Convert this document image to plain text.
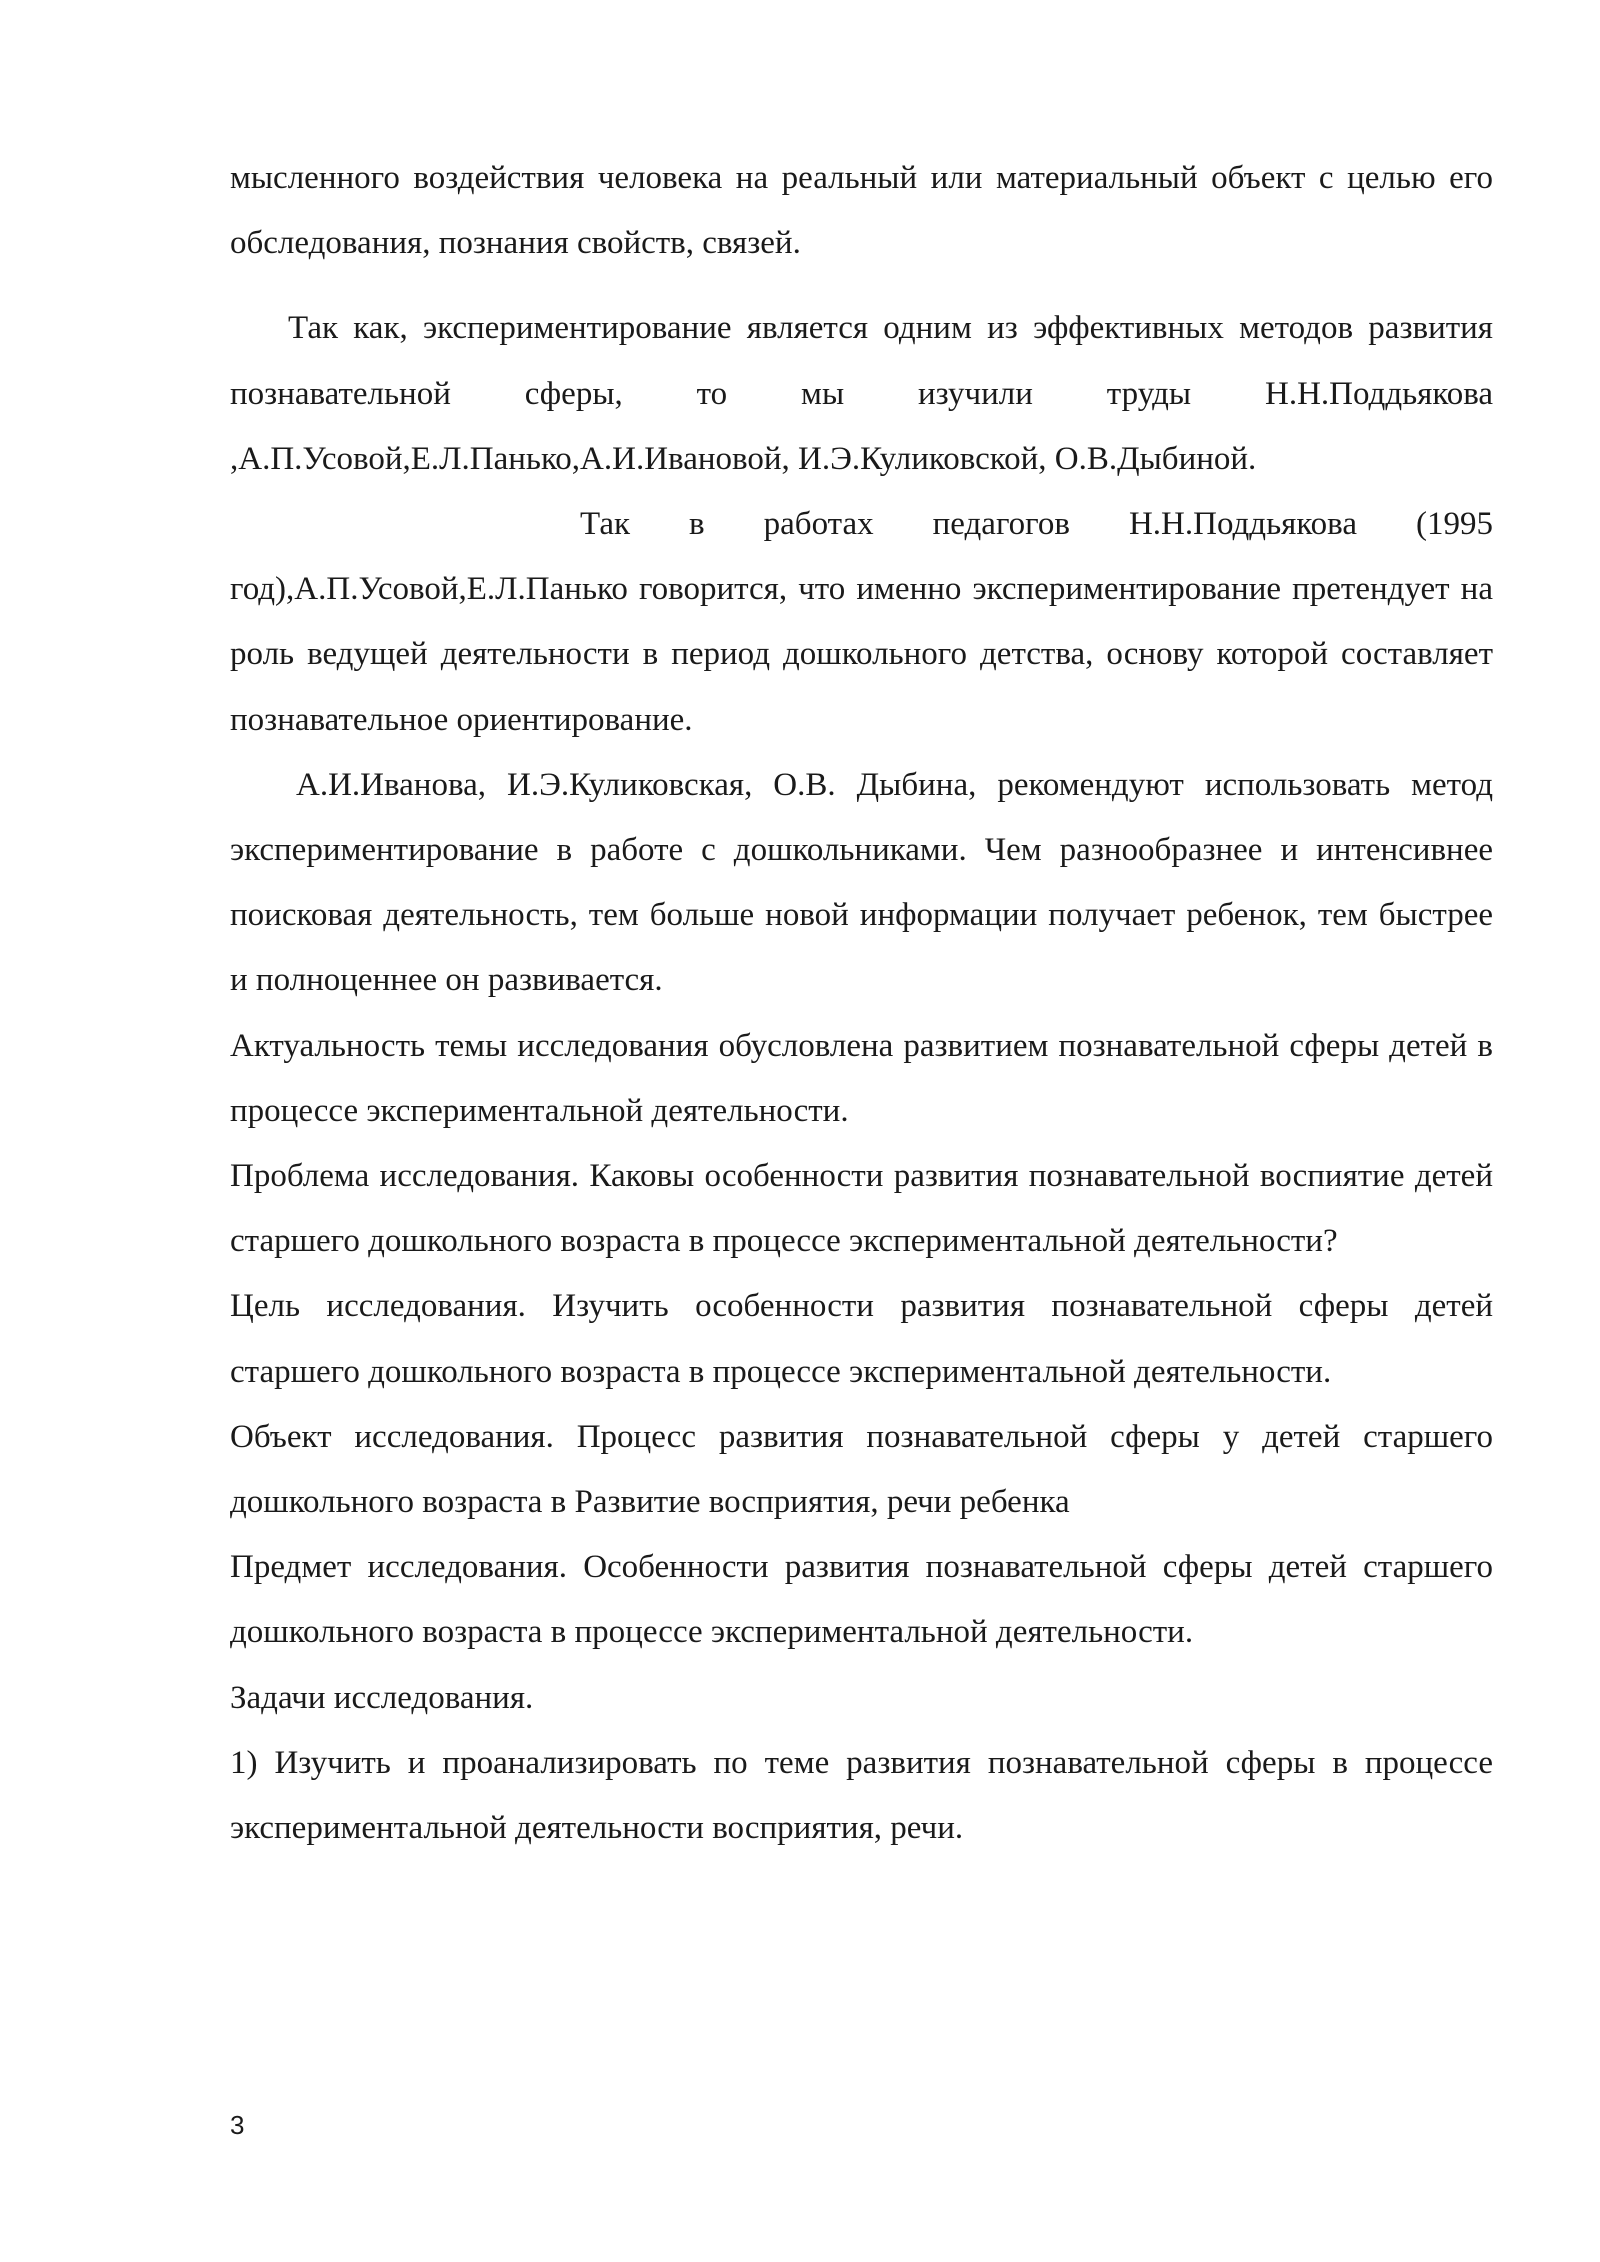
мысленного воздействия человека на реальный или материальный объект с целью его обследования, познания свойств, связей.

Так как, экспериментирование является одним из эффективных методов развития познавательной сферы, то мы изучили труды Н.Н.Поддьякова ,А.П.Усовой,Е.Л.Панько,А.И.Ивановой, И.Э.Куликовской, О.В.Дыбиной.

Так в работах педагогов Н.Н.Поддьякова (1995 год),А.П.Усовой,Е.Л.Панько говорится, что именно экспериментирование претендует на роль ведущей деятельности в период дошкольного детства, основу которой составляет познавательное ориентирование.

А.И.Иванова, И.Э.Куликовская, О.В. Дыбина, рекомендуют использовать метод экспериментирование в работе с дошкольниками. Чем разнообразнее и интенсивнее поисковая деятельность, тем больше новой информации получает ребенок, тем быстрее и полноценнее он развивается.

Актуальность темы исследования обусловлена развитием познавательной сферы детей в процессе экспериментальной деятельности.

Проблема исследования. Каковы особенности развития познавательной воспиятие детей старшего дошкольного возраста в процессе экспериментальной деятельности?

Цель исследования. Изучить особенности развития познавательной сферы детей старшего дошкольного возраста в процессе экспериментальной деятельности.

Объект исследования. Процесс развития познавательной сферы у детей старшего дошкольного возраста в Развитие восприятия, речи ребенка

Предмет исследования. Особенности развития познавательной сферы детей старшего дошкольного возраста в процессе экспериментальной деятельности.

Задачи исследования.

1) Изучить и проанализировать по теме развития познавательной сферы в процессе экспериментальной деятельности восприятия, речи.

3
